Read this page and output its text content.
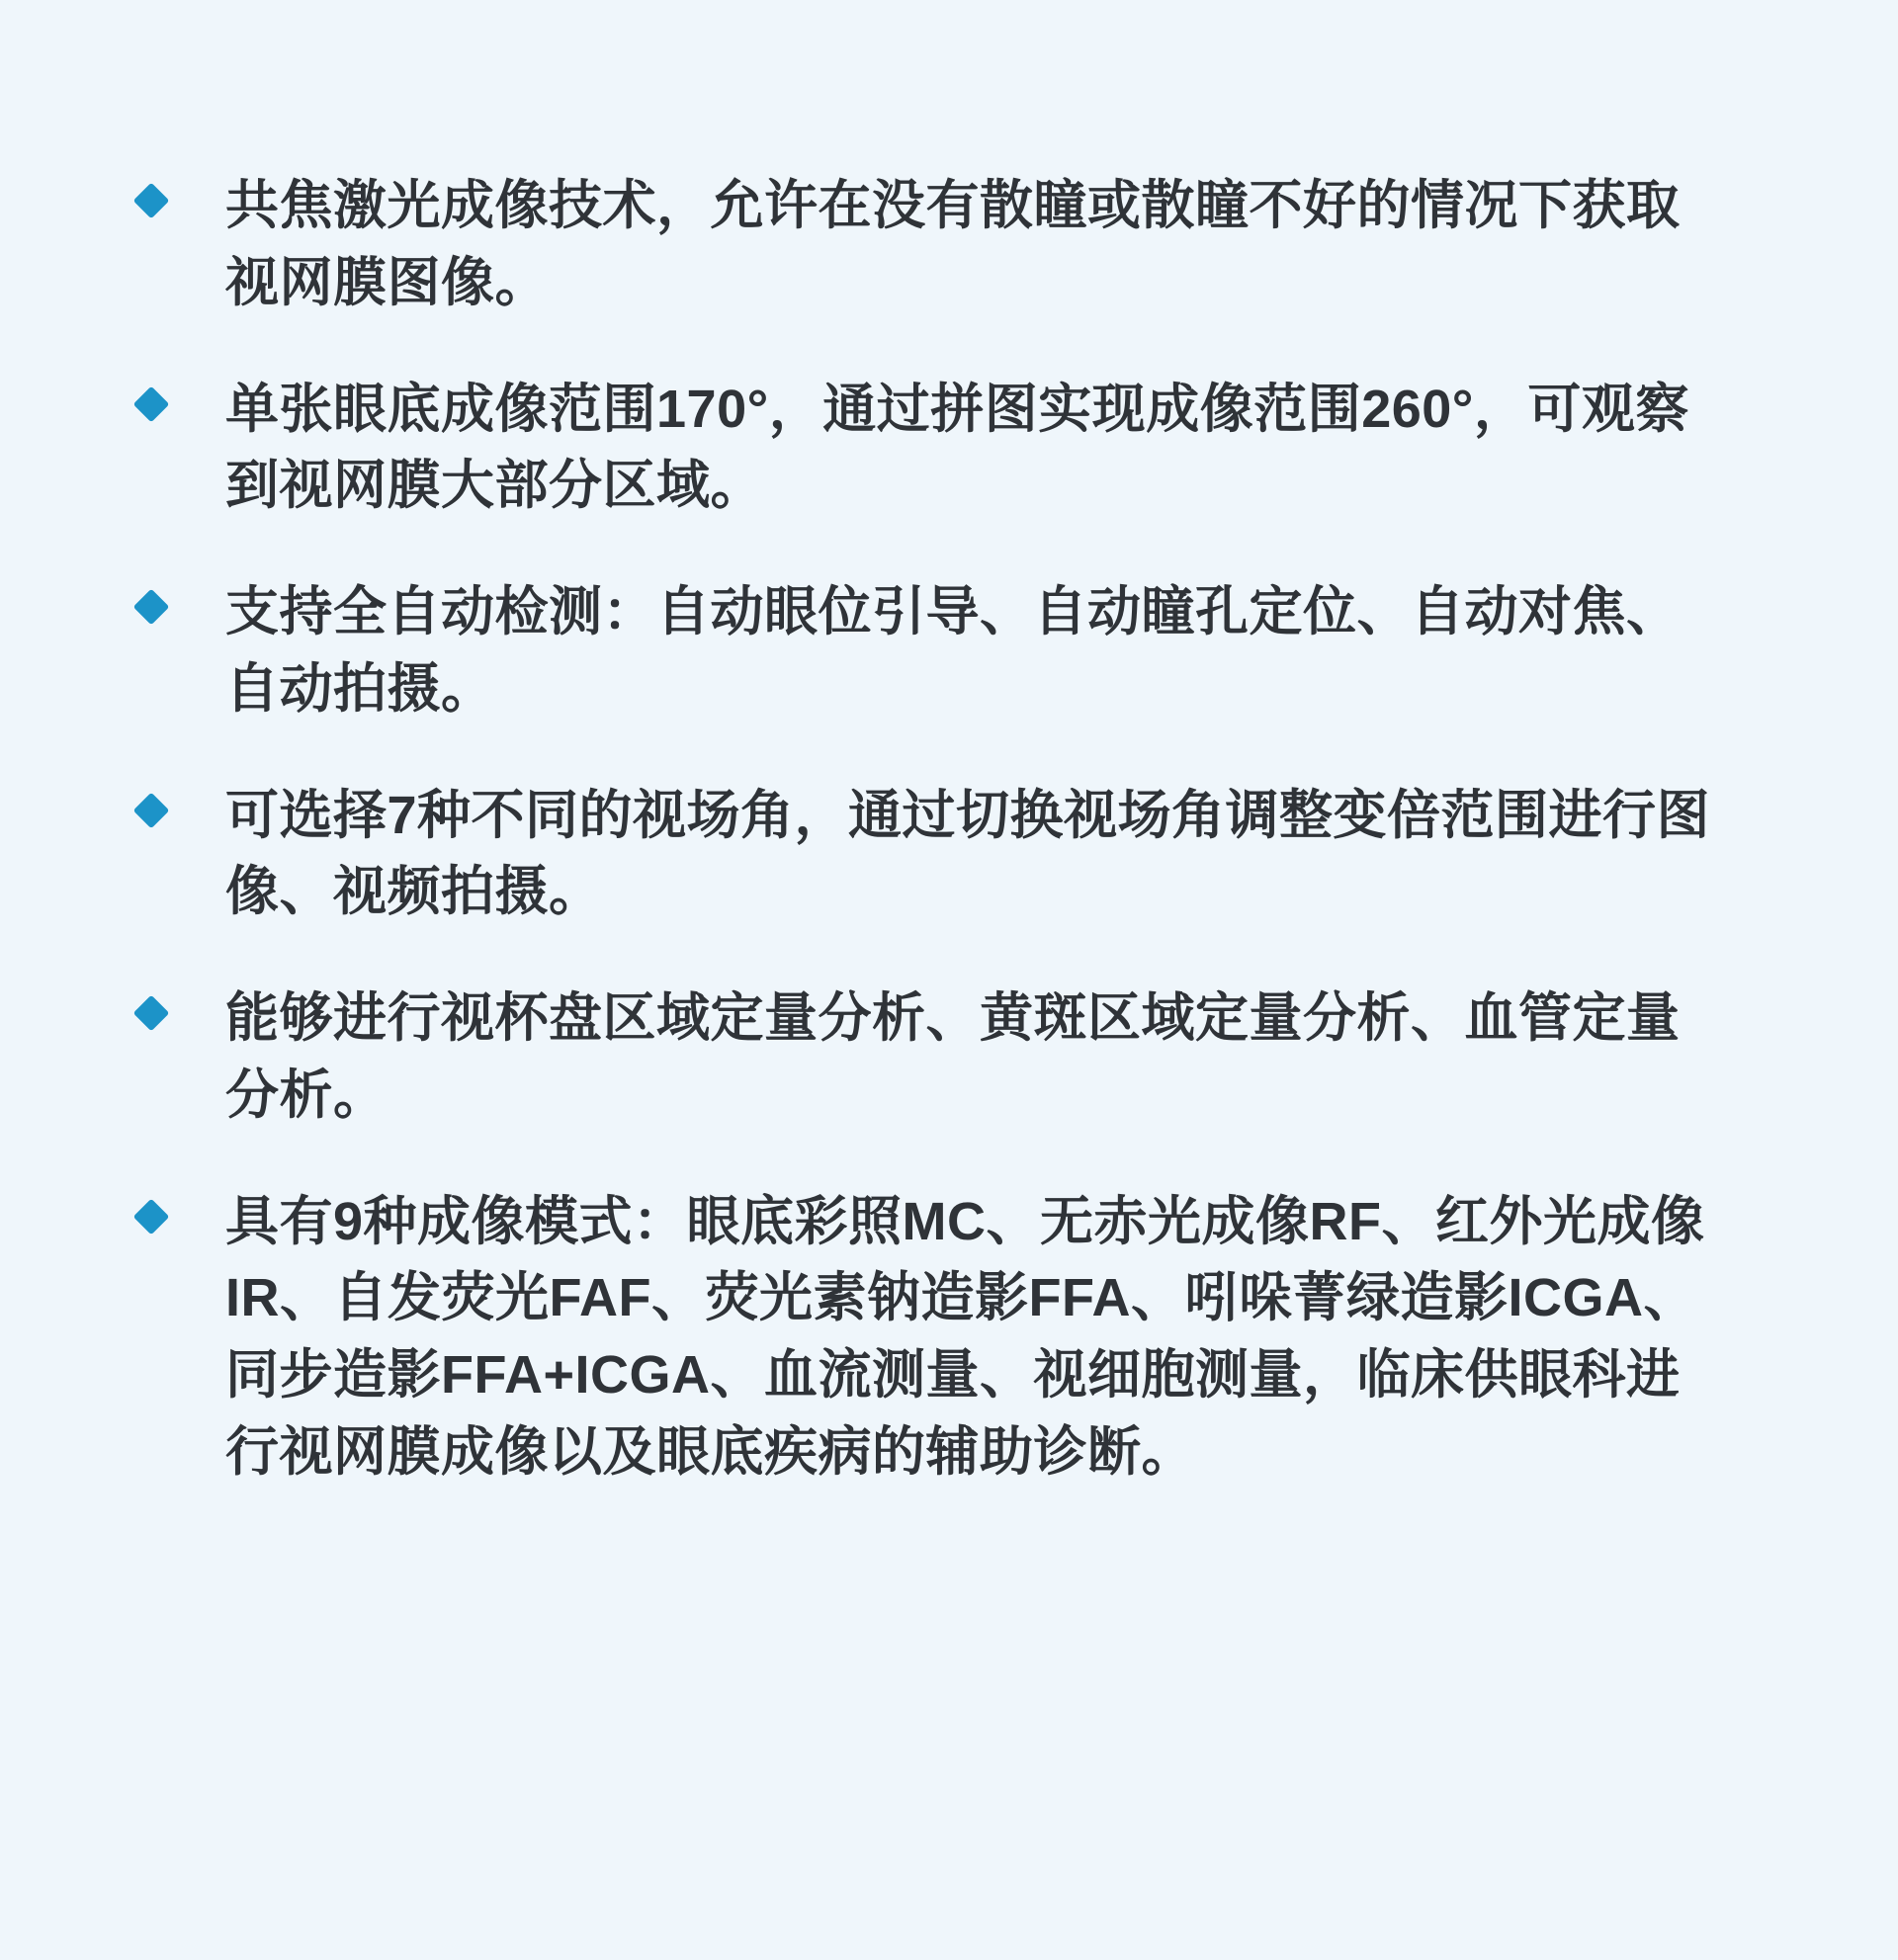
共焦激光成像技术，允许在没有散瞳或散瞳不好的情况下获取视网膜图像。
单张眼底成像范围170°，通过拼图实现成像范围260°，可观察到视网膜大部分区域。
支持全自动检测：自动眼位引导、自动瞳孔定位、自动对焦、自动拍摄。
可选择7种不同的视场角，通过切换视场角调整变倍范围进行图像、视频拍摄。
能够进行视杯盘区域定量分析、黄斑区域定量分析、血管定量分析。
具有9种成像模式：眼底彩照MC、无赤光成像RF、红外光成像IR、自发荧光FAF、荧光素钠造影FFA、吲哚菁绿造影ICGA、同步造影FFA+ICGA、血流测量、视细胞测量，临床供眼科进行视网膜成像以及眼底疾病的辅助诊断。
